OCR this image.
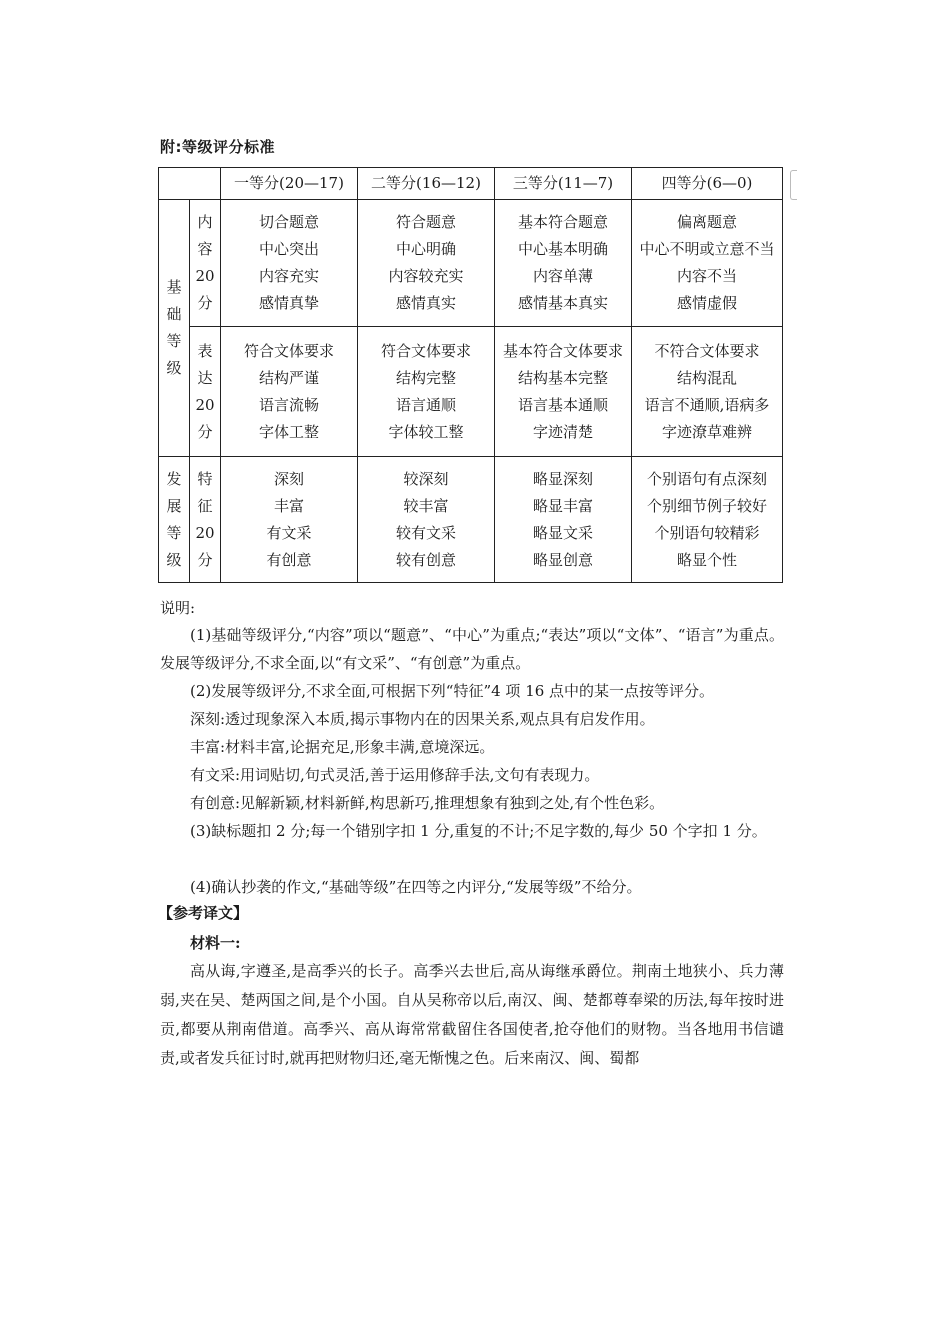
附:等级评分标准
		一等分(20—17)	二等分(16—12)	三等分(11—7)	四等分(6—0)

基
础
等
级	内
容
20
分	切合题意
中心突出
内容充实
感情真挚	符合题意
中心明确
内容较充实
感情真实	基本符合题意
中心基本明确
内容单薄
感情基本真实	偏离题意
中心不明或立意不当
内容不当
感情虚假

	表
达
20
分	符合文体要求
结构严谨
语言流畅
字体工整	符合文体要求
结构完整
语言通顺
字体较工整	基本符合文体要求
结构基本完整
语言基本通顺
字迹清楚	不符合文体要求
结构混乱
语言不通顺,语病多
字迹潦草难辨

发
展
等
级	特
征
20
分	深刻
丰富
有文采
有创意	较深刻
较丰富
较有文采
较有创意	略显深刻
略显丰富
略显文采
略显创意	个别语句有点深刻
个别细节例子较好
个别语句较精彩
略显个性
说明:
(1)基础等级评分,“内容”项以“题意”、“中心”为重点;“表达”项以“文体”、“语言”为重点。发展等级评分,不求全面,以“有文采”、“有创意”为重点。
(2)发展等级评分,不求全面,可根据下列“特征”4 项 16 点中的某一点按等评分。
深刻:透过现象深入本质,揭示事物内在的因果关系,观点具有启发作用。
丰富:材料丰富,论据充足,形象丰满,意境深远。
有文采:用词贴切,句式灵活,善于运用修辞手法,文句有表现力。
有创意:见解新颖,材料新鲜,构思新巧,推理想象有独到之处,有个性色彩。
(3)缺标题扣 2 分;每一个错别字扣 1 分,重复的不计;不足字数的,每少 50 个字扣 1 分。
(4)确认抄袭的作文,“基础等级”在四等之内评分,“发展等级”不给分。
【参考译文】
材料一:
高从诲,字遵圣,是高季兴的长子。高季兴去世后,高从诲继承爵位。荆南土地狭小、兵力薄弱,夹在吴、楚两国之间,是个小国。自从吴称帝以后,南汉、闽、楚都尊奉梁的历法,每年按时进贡,都要从荆南借道。高季兴、高从诲常常截留住各国使者,抢夺他们的财物。当各地用书信谴责,或者发兵征讨时,就再把财物归还,毫无惭愧之色。后来南汉、闽、蜀都
